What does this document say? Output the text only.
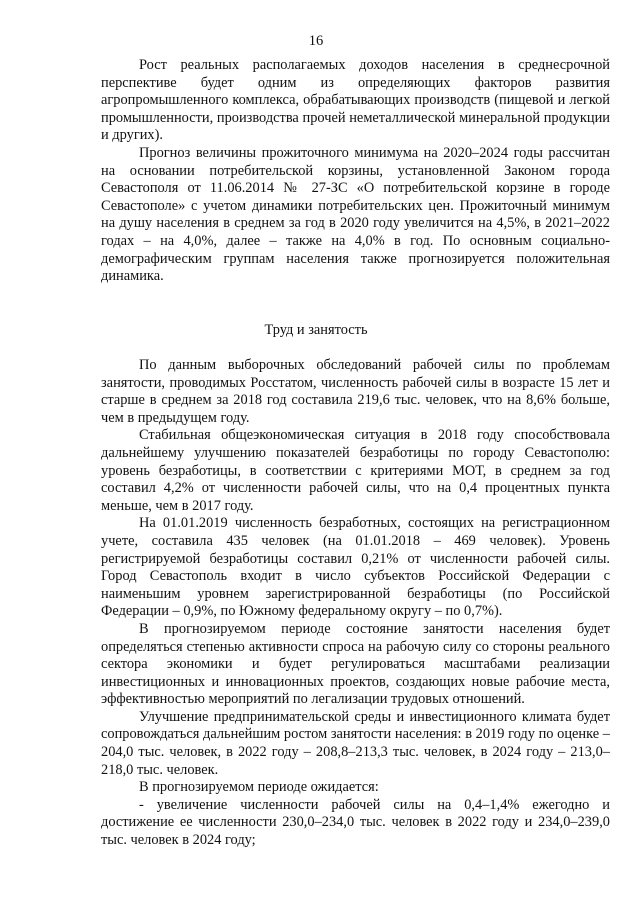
16

Рост реальных располагаемых доходов населения в среднесрочной перспективе будет одним из определяющих факторов развития агропромышленного комплекса, обрабатывающих производств (пищевой и легкой промышленности, производства прочей неметаллической минеральной продукции и других).

Прогноз величины прожиточного минимума на 2020–2024 годы рассчитан на основании потребительской корзины, установленной Законом города Севастополя от 11.06.2014 № 27-ЗС «О потребительской корзине в городе Севастополе» с учетом динамики потребительских цен. Прожиточный минимум на душу населения в среднем за год в 2020 году увеличится на 4,5%, в 2021–2022 годах – на 4,0%, далее – также на 4,0% в год. По основным социально-демографическим группам населения также прогнозируется положительная динамика.

Труд и занятость

По данным выборочных обследований рабочей силы по проблемам занятости, проводимых Росстатом, численность рабочей силы в возрасте 15 лет и старше в среднем за 2018 год составила 219,6 тыс. человек, что на 8,6% больше, чем в предыдущем году.

Стабильная общеэкономическая ситуация в 2018 году способствовала дальнейшему улучшению показателей безработицы по городу Севастополю: уровень безработицы, в соответствии с критериями МОТ, в среднем за год составил 4,2% от численности рабочей силы, что на 0,4 процентных пункта меньше, чем в 2017 году.

На 01.01.2019 численность безработных, состоящих на регистрационном учете, составила 435 человек (на 01.01.2018 – 469 человек). Уровень регистрируемой безработицы составил 0,21% от численности рабочей силы. Город Севастополь входит в число субъектов Российской Федерации с наименьшим уровнем зарегистрированной безработицы (по Российской Федерации – 0,9%, по Южному федеральному округу – по 0,7%).

В прогнозируемом периоде состояние занятости населения будет определяться степенью активности спроса на рабочую силу со стороны реального сектора экономики и будет регулироваться масштабами реализации инвестиционных и инновационных проектов, создающих новые рабочие места, эффективностью мероприятий по легализации трудовых отношений.

Улучшение предпринимательской среды и инвестиционного климата будет сопровождаться дальнейшим ростом занятости населения: в 2019 году по оценке – 204,0 тыс. человек, в 2022 году – 208,8–213,3 тыс. человек, в 2024 году – 213,0–218,0 тыс. человек.

В прогнозируемом периоде ожидается:

- увеличение численности рабочей силы на 0,4–1,4% ежегодно и достижение ее численности 230,0–234,0 тыс. человек в 2022 году и 234,0–239,0 тыс. человек в 2024 году;
